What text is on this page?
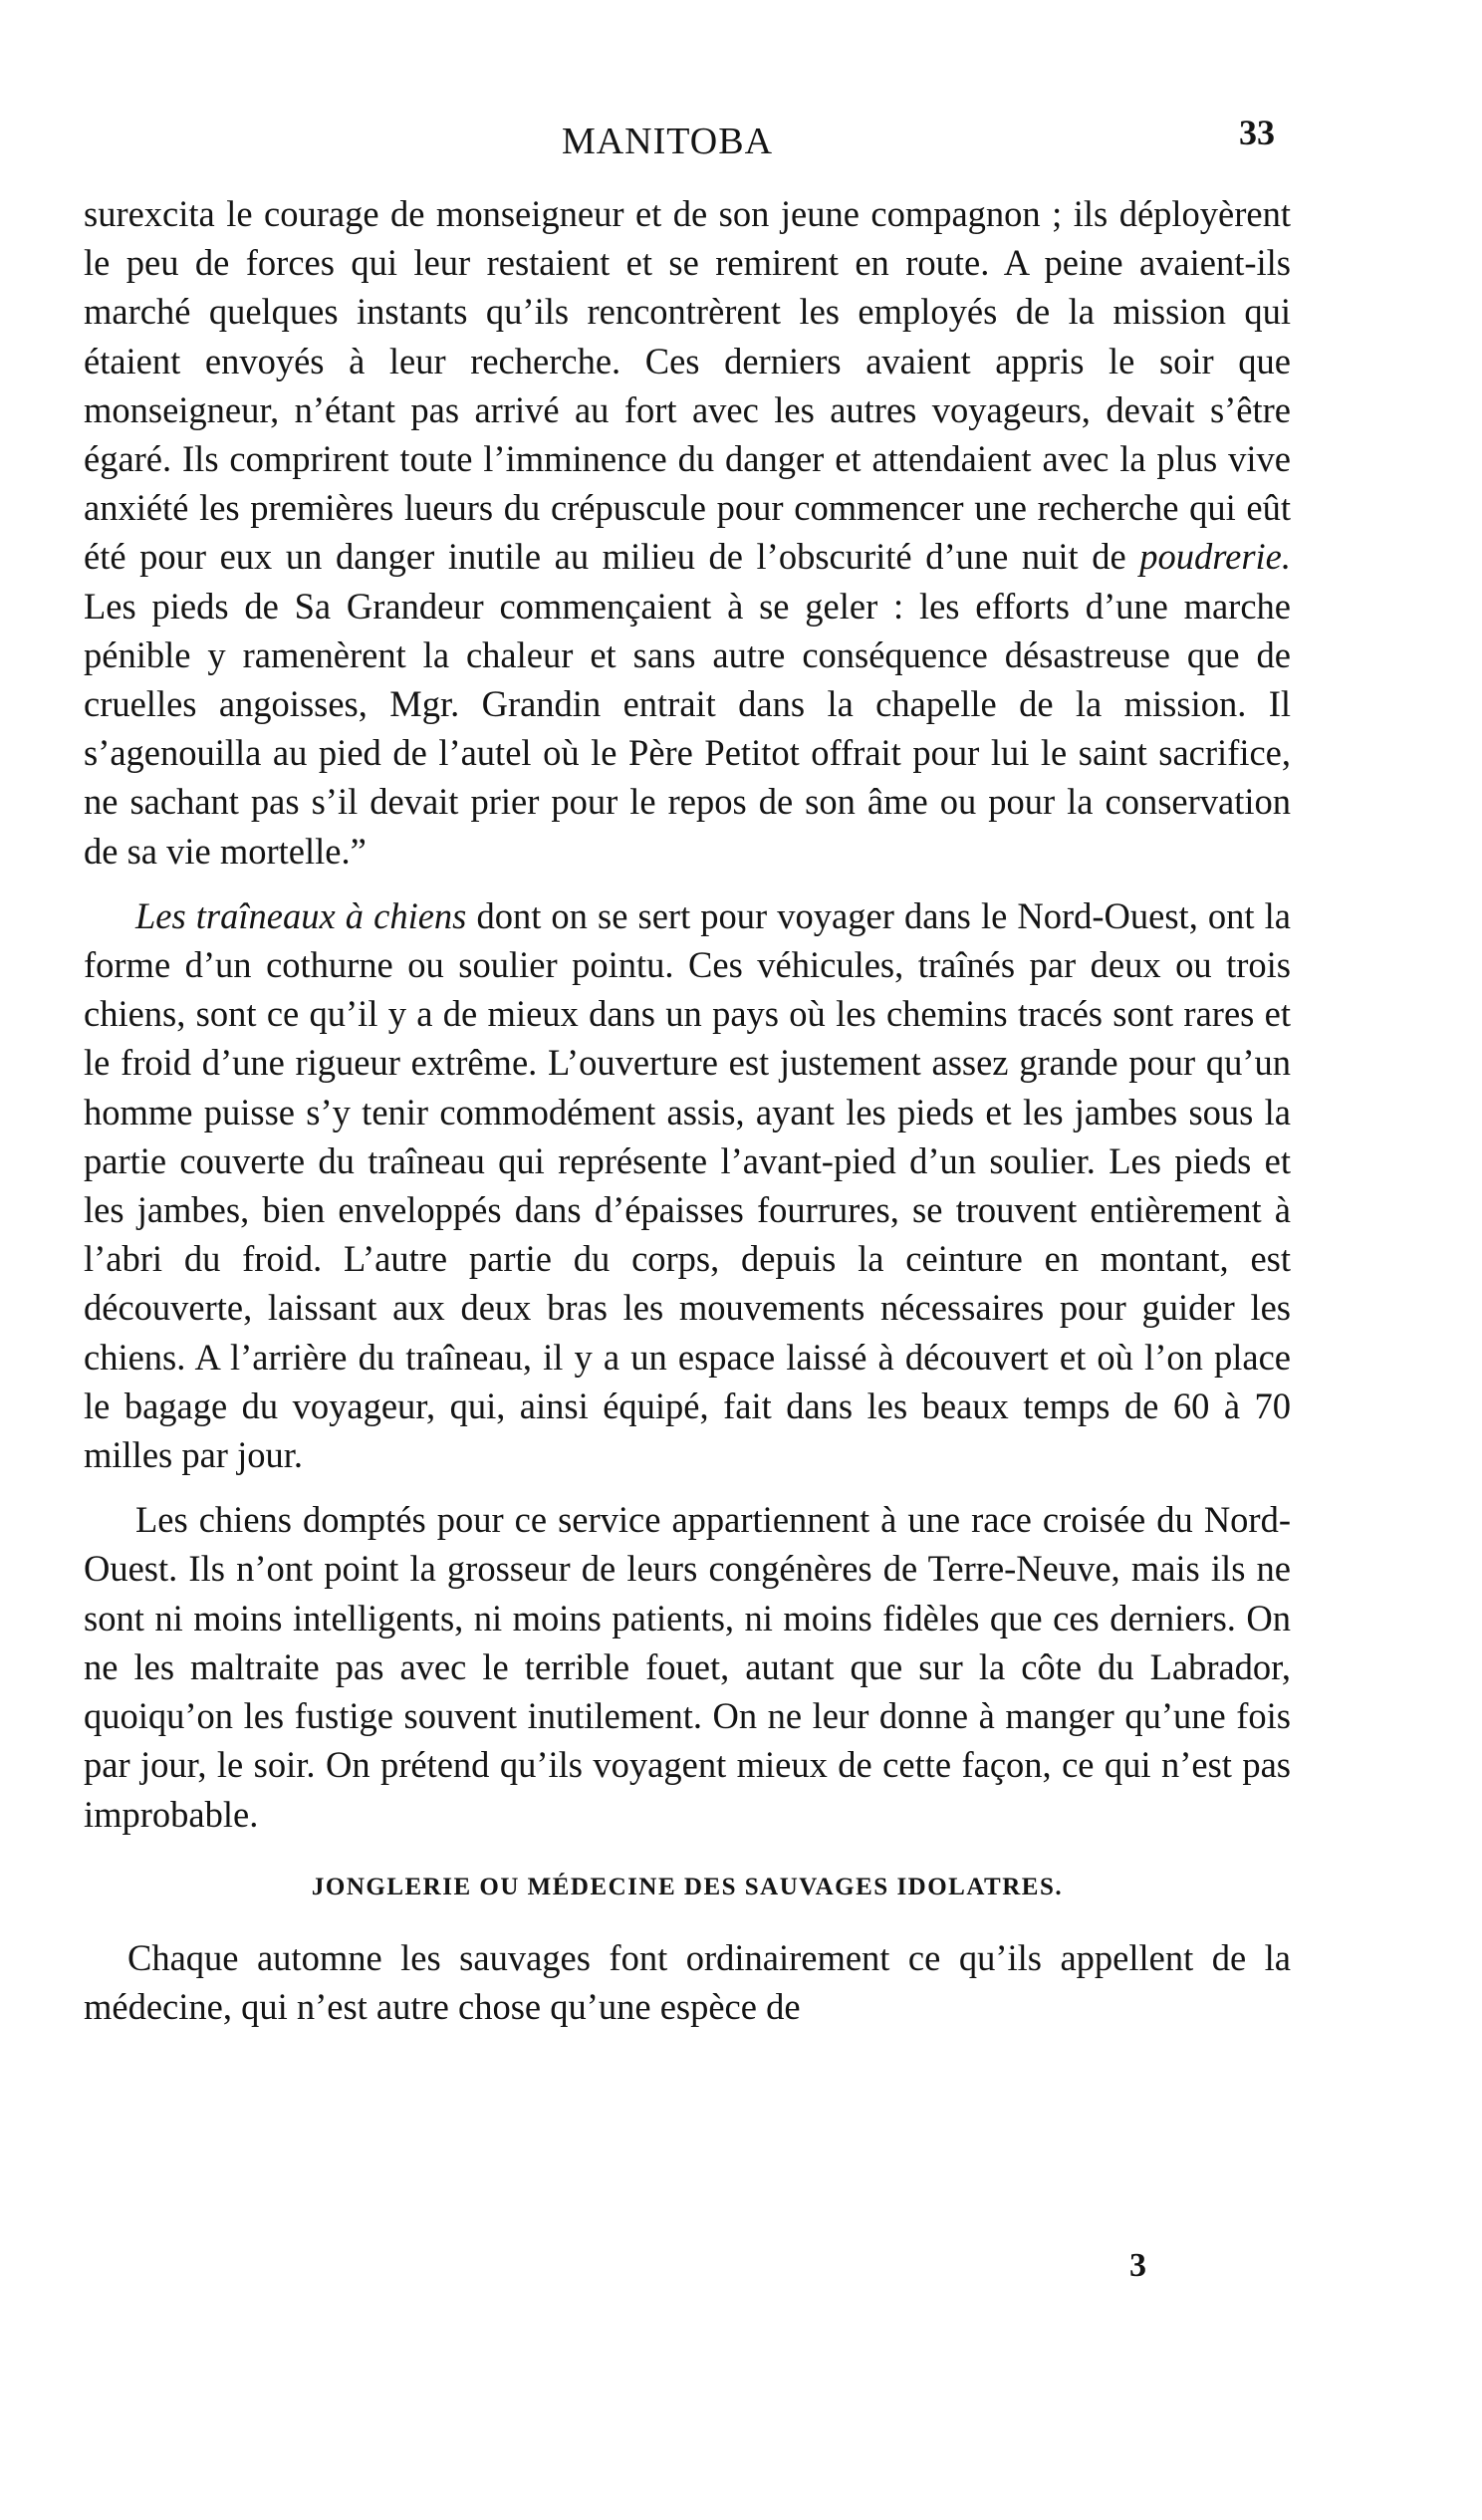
MANITOBA	33

surexcita le courage de monseigneur et de son jeune compagnon ; ils déployèrent le peu de forces qui leur restaient et se remirent en route. A peine avaient-ils marché quelques instants qu’ils rencontrèrent les employés de la mission qui étaient envoyés à leur recherche. Ces derniers avaient appris le soir que monseigneur, n’étant pas arrivé au fort avec les autres voyageurs, devait s’être égaré. Ils comprirent toute l’imminence du danger et attendaient avec la plus vive anxiété les premières lueurs du crépuscule pour commencer une recherche qui eût été pour eux un danger inutile au milieu de l’obscurité d’une nuit de poudrerie. Les pieds de Sa Grandeur commençaient à se geler : les efforts d’une marche pénible y ramenèrent la chaleur et sans autre conséquence désastreuse que de cruelles angoisses, Mgr. Grandin entrait dans la chapelle de la mission. Il s’agenouilla au pied de l’autel où le Père Petitot offrait pour lui le saint sacrifice, ne sachant pas s’il devait prier pour le repos de son âme ou pour la conservation de sa vie mortelle.”

Les traîneaux à chiens dont on se sert pour voyager dans le Nord-Ouest, ont la forme d’un cothurne ou soulier pointu. Ces véhicules, traînés par deux ou trois chiens, sont ce qu’il y a de mieux dans un pays où les chemins tracés sont rares et le froid d’une rigueur extrême. L’ouverture est justement assez grande pour qu’un homme puisse s’y tenir commodément assis, ayant les pieds et les jambes sous la partie couverte du traîneau qui représente l’avant-pied d’un soulier. Les pieds et les jambes, bien enveloppés dans d’épaisses fourrures, se trouvent entièrement à l’abri du froid. L’autre partie du corps, depuis la ceinture en montant, est découverte, laissant aux deux bras les mouvements nécessaires pour guider les chiens. A l’arrière du traîneau, il y a un espace laissé à découvert et où l’on place le bagage du voyageur, qui, ainsi équipé, fait dans les beaux temps de 60 à 70 milles par jour.

Les chiens domptés pour ce service appartiennent à une race croisée du Nord-Ouest. Ils n’ont point la grosseur de leurs congénères de Terre-Neuve, mais ils ne sont ni moins intelligents, ni moins patients, ni moins fidèles que ces derniers. On ne les maltraite pas avec le terrible fouet, autant que sur la côte du Labrador, quoiqu’on les fustige souvent inutilement. On ne leur donne à manger qu’une fois par jour, le soir. On prétend qu’ils voyagent mieux de cette façon, ce qui n’est pas improbable.

JONGLERIE OU MÉDECINE DES SAUVAGES IDOLATRES.

Chaque automne les sauvages font ordinairement ce qu’ils appellent de la médecine, qui n’est autre chose qu’une espèce de

3
